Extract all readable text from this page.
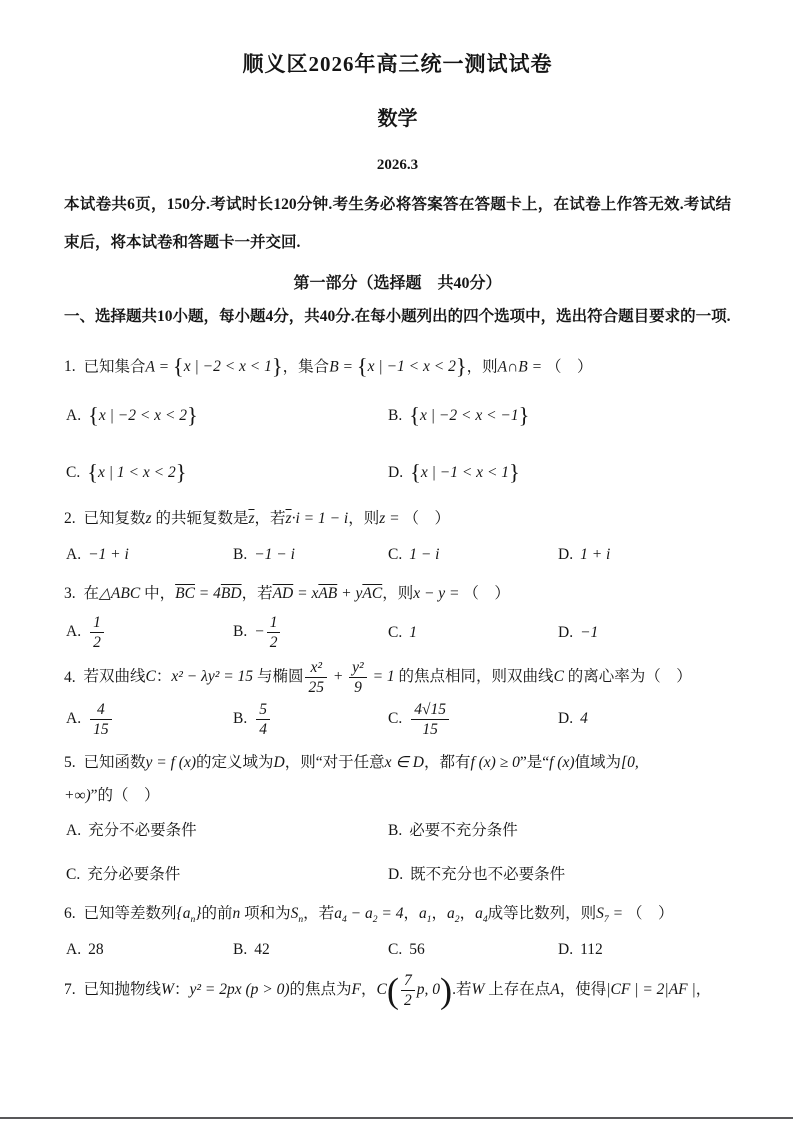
顺义区2026年高三统一测试试卷
数学
2026.3

本试卷共6页，150分.考试时长120分钟.考生务必将答案答在答题卡上，在试卷上作答无效.考试结束后，将本试卷和答题卡一并交回.

第一部分（选择题　共40分）

一、选择题共10小题，每小题4分，共40分.在每小题列出的四个选项中，选出符合题目要求的一项.

1. 已知集合A = {x | −2 < x < 1}，集合B = {x | −1 < x < 2}，则A∩B = （　）
A. {x | −2 < x < 2}	B. {x | −2 < x < −1}
C. {x | 1 < x < 2}	D. {x | −1 < x < 1}
2. 已知复数z 的共轭复数是$\overline{z}$，若$\overline{z}\cdot i = 1 - i$，则z = （　）
A. −1 + i	B. −1 − i	C. 1 − i	D. 1 + i
3. 在△ABC 中，$\overline{BC} = 4\overline{BD}$，若$\overline{AD} = x\overline{AB} + y\overline{AC}$，则x − y = （　）
A. $\frac{1}{2}$	B. − $\frac{1}{2}$	C. 1	D. −1
4. 若双曲线C：x² − λy² = 15 与椭圆 $\frac{\text{x²}}{25} + \frac{\text{y²}}{9} = 1$ 的焦点相同，则双曲线C 的离心率为（　）
A. $\frac{4}{15}$	B. $\frac{5}{4}$	C. $\frac{4√15}{15}$	D. 4
5. 已知函数y = f (x)的定义域为D，则“对于任意x ∈ D，都有f (x) ≥ 0”是“f (x)值域为[0, +∞)”的（　）
A. 充分不必要条件	B. 必要不充分条件
C. 充分必要条件	D. 既不充分也不必要条件
6. 已知等差数列$\{a_n\}$的前n 项和为$S_n$，若$a_4 - a_2 = 4$，$a_1$，$a_2$，$a_4$成等比数列，则$S_7$ = （　）
A. 28	B. 42	C. 56	D. 112
7. 已知抛物线W：y² = 2px (p > 0)的焦点为F，$C( \frac{7}{2} p$, 0).若W 上存在点A，使得|CF | = 2|AF |，
